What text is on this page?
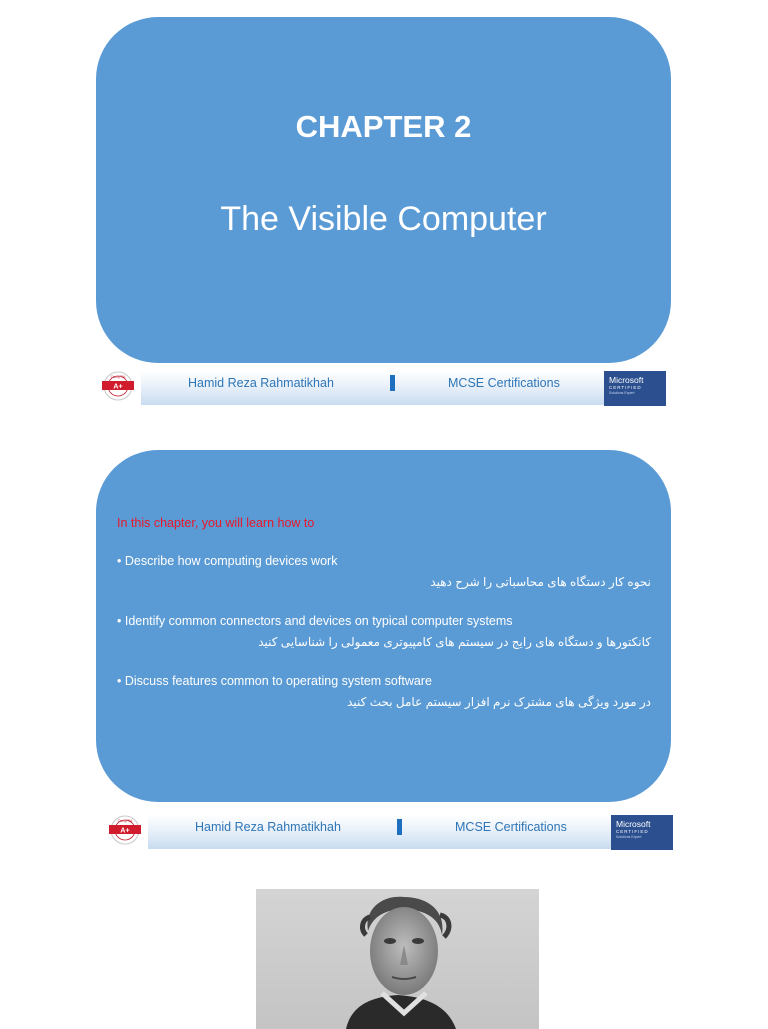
CHAPTER 2
The Visible Computer
CompTIA
A+	Hamid Reza Rahmatikhah	MCSE Certifications	Microsoft
CERTIFIED
Solutions Expert
In this chapter, you will learn how to
• Describe how computing devices work
نحوه کار دستگاه های محاسباتی را شرح دهید
• Identify common connectors and devices on typical computer systems
کانکتورها و دستگاه های رایج در سیستم های کامپیوتری معمولی را شناسایی کنید
• Discuss features common to operating system software
در مورد ویژگی های مشترک نرم افزار سیستم عامل بحث کنید
CompTIA
A+	Hamid Reza Rahmatikhah	MCSE Certifications	Microsoft
CERTIFIED
Solutions Expert
